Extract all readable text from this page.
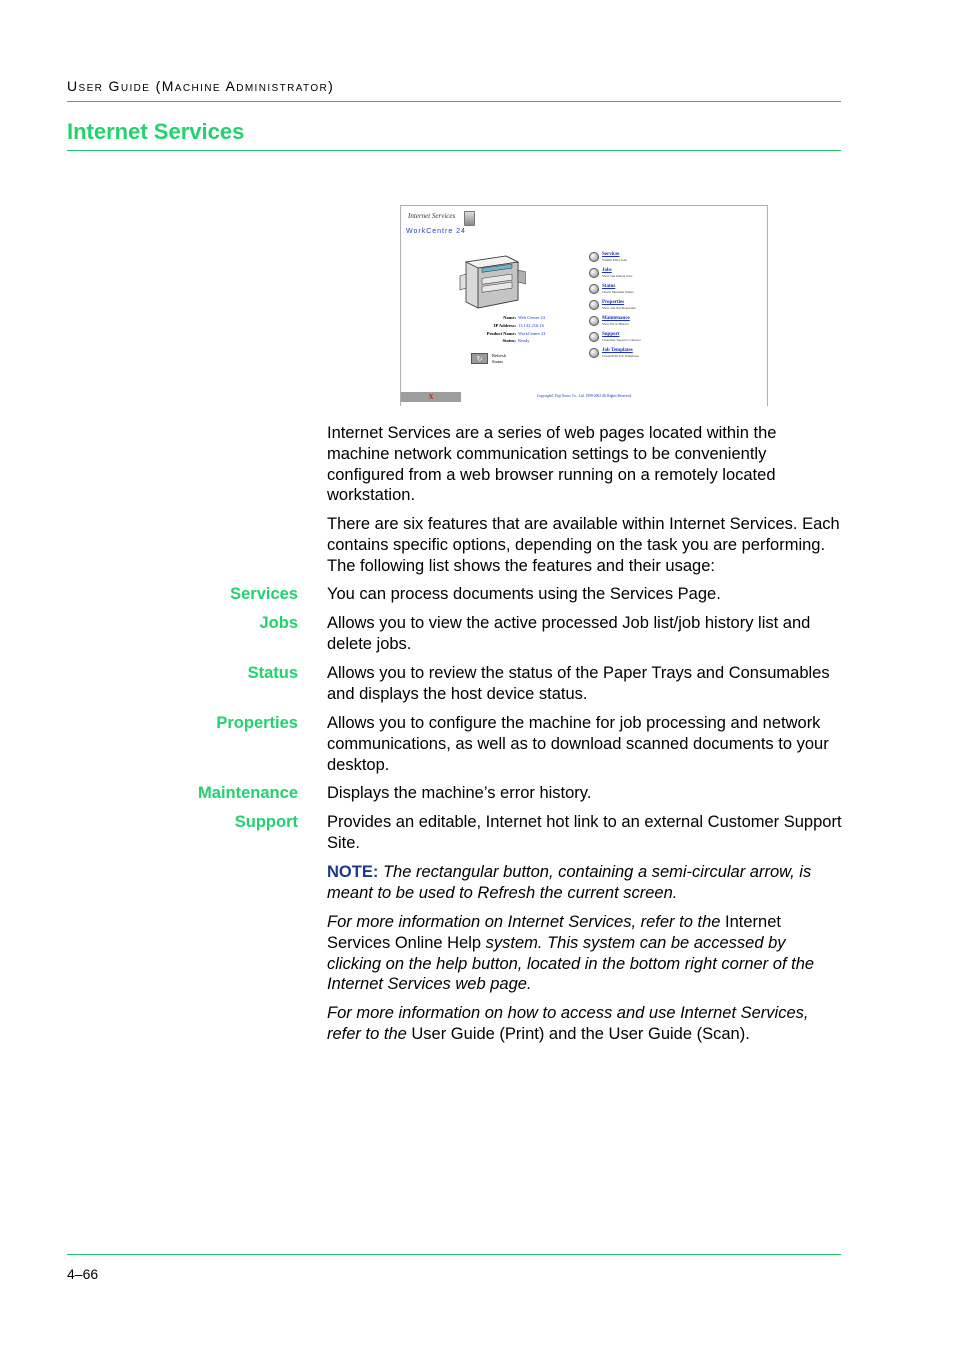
User Guide (Machine Administrator)
Internet Services
Internet Services
WorkCentre 24
Name: Web Centre 24
IP Address: 13.142.216.16
Product Name: WorkCentre 24
Status: Ready
↻ Refresh
Status
Services
Submit Print Jobs
Jobs
View and Delete Jobs
Status
Check Machine Status
Properties
View and Set Properties
Maintenance
View Error History
Support
Customer Support Contacts
Job Templates
Create/Edit Job Templates
X	Copyright© Fuji Xerox Co., Ltd. 1999-2002 All Rights Reserved.
Internet Services are a series of web pages located within the machine network communication settings to be conveniently configured from a web browser running on a remotely located workstation.
There are six features that are available within Internet Services. Each contains specific options, depending on the task you are performing. The following list shows the features and their usage:
Services You can process documents using the Services Page.
Jobs Allows you to view the active processed Job list/job history list and delete jobs.
Status Allows you to review the status of the Paper Trays and Consumables and displays the host device status.
Properties Allows you to configure the machine for job processing and network communications, as well as to download scanned documents to your desktop.
Maintenance Displays the machine’s error history.
Support Provides an editable, Internet hot link to an external Customer Support Site.
NOTE: The rectangular button, containing a semi-circular arrow, is meant to be used to Refresh the current screen.
For more information on Internet Services, refer to the Internet Services Online Help system. This system can be accessed by clicking on the help button, located in the bottom right corner of the Internet Services web page.
For more information on how to access and use Internet Services, refer to the User Guide (Print) and the User Guide (Scan).
4–66
